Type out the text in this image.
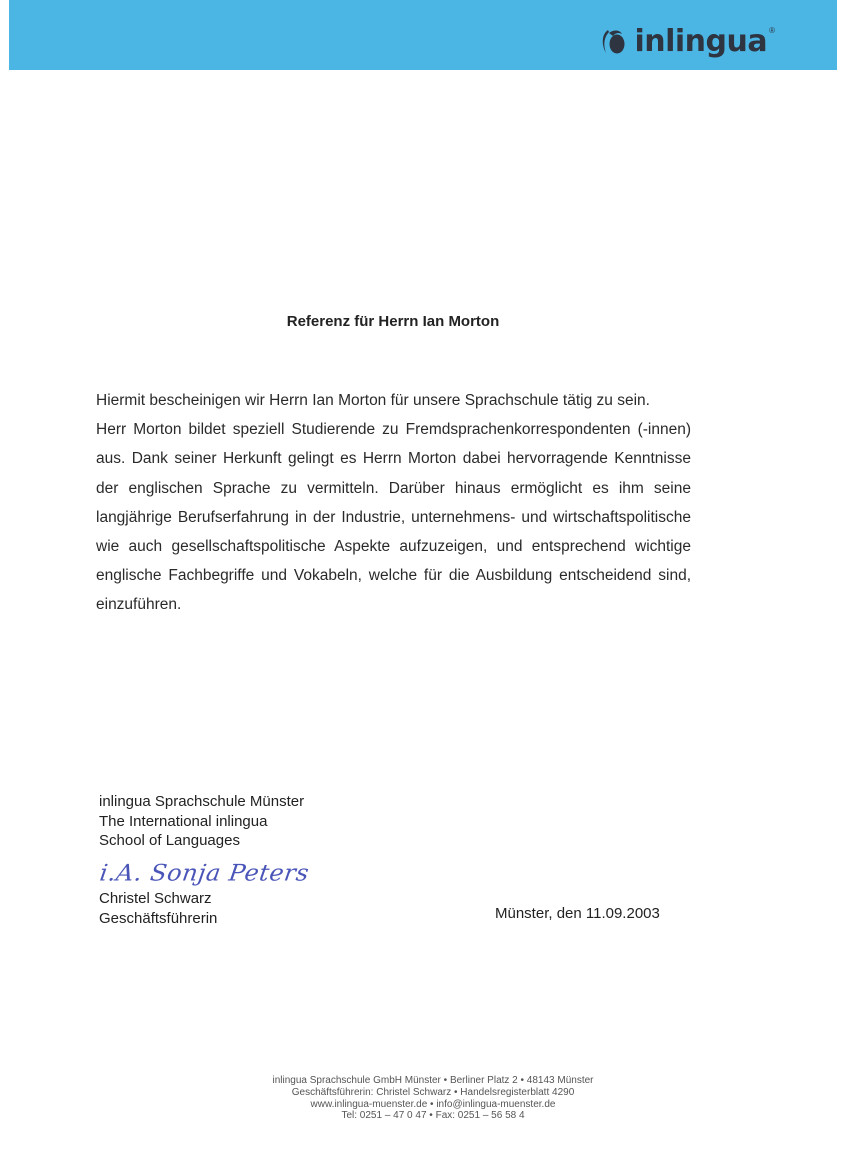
inlingua ®
Referenz für Herrn Ian Morton

Hiermit bescheinigen wir Herrn Ian Morton für unsere Sprachschule tätig zu sein.

Herr Morton bildet speziell Studierende zu Fremdsprachenkorrespondenten (-innen) aus. Dank seiner Herkunft gelingt es Herrn Morton dabei hervorragende Kenntnisse der englischen Sprache zu vermitteln. Darüber hinaus ermöglicht es ihm seine langjährige Berufserfahrung in der Industrie, unternehmens- und wirtschaftspolitische wie auch gesellschaftspolitische Aspekte aufzuzeigen, und entsprechend wichtige englische Fachbegriffe und Vokabeln, welche für die Ausbildung entscheidend sind, einzuführen.

inlingua Sprachschule Münster
The International inlingua
School of Languages
i.A. Sonja Peters
Christel Schwarz
Geschäftsführerin	Münster, den 11.09.2003
inlingua Sprachschule GmbH Münster • Berliner Platz 2 • 48143 Münster
Geschäftsführerin: Christel Schwarz • Handelsregisterblatt 4290
www.inlingua-muenster.de • info@inlingua-muenster.de
Tel: 0251 – 47 0 47 • Fax: 0251 – 56 58 4
